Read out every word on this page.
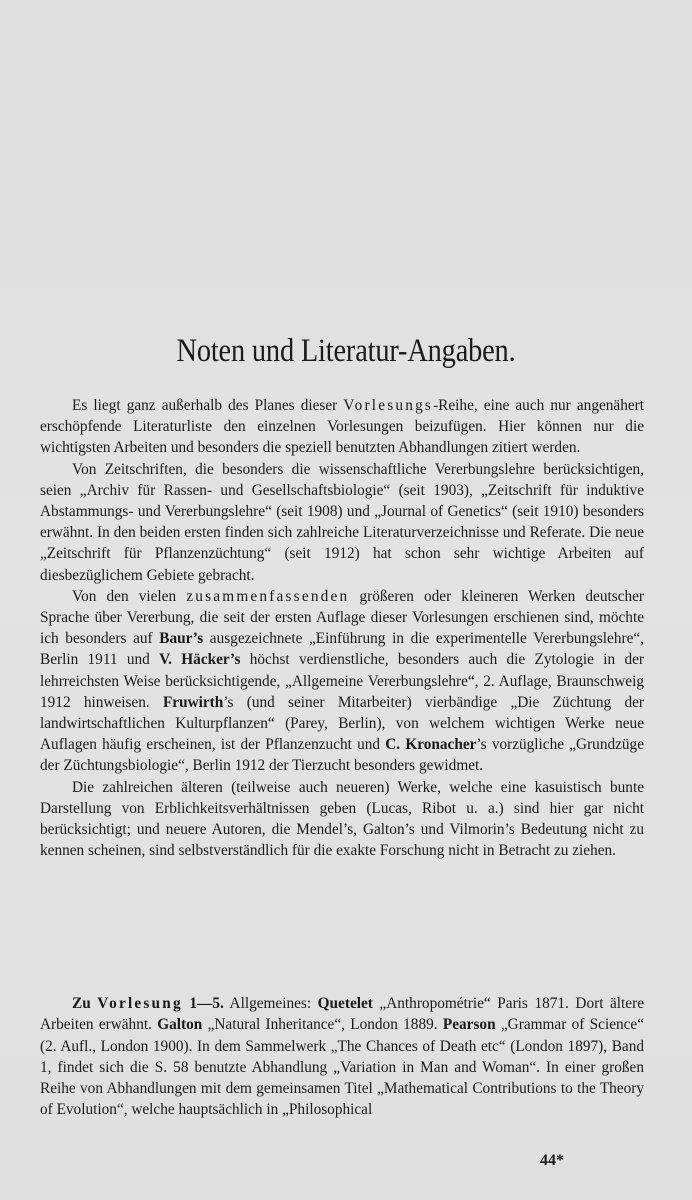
Noten und Literatur-Angaben.

Es liegt ganz außerhalb des Planes dieser Vorlesungs-Reihe, eine auch nur angenähert erschöpfende Literaturliste den einzelnen Vorlesungen beizufügen. Hier können nur die wichtigsten Arbeiten und besonders die speziell benutzten Abhandlungen zitiert werden.

Von Zeitschriften, die besonders die wissenschaftliche Vererbungslehre berücksichtigen, seien „Archiv für Rassen- und Gesellschaftsbiologie“ (seit 1903), „Zeitschrift für induktive Abstammungs- und Vererbungslehre“ (seit 1908) und „Journal of Genetics“ (seit 1910) besonders erwähnt. In den beiden ersten finden sich zahlreiche Literaturverzeichnisse und Referate. Die neue „Zeitschrift für Pflanzenzüchtung“ (seit 1912) hat schon sehr wichtige Arbeiten auf diesbezüglichem Gebiete gebracht.

Von den vielen zusammenfassenden größeren oder kleineren Werken deutscher Sprache über Vererbung, die seit der ersten Auflage dieser Vorlesungen erschienen sind, möchte ich besonders auf Baur’s ausgezeichnete „Einführung in die experimentelle Vererbungslehre“, Berlin 1911 und V. Häcker’s höchst verdienstliche, besonders auch die Zytologie in der lehrreichsten Weise berücksichtigende, „Allgemeine Vererbungslehre“, 2. Auflage, Braunschweig 1912 hinweisen. Fruwirth’s (und seiner Mitarbeiter) vierbändige „Die Züchtung der landwirtschaftlichen Kulturpflanzen“ (Parey, Berlin), von welchem wichtigen Werke neue Auflagen häufig erscheinen, ist der Pflanzenzucht und C. Kronacher’s vorzügliche „Grundzüge der Züchtungsbiologie“, Berlin 1912 der Tierzucht besonders gewidmet.

Die zahlreichen älteren (teilweise auch neueren) Werke, welche eine kasuistisch bunte Darstellung von Erblichkeitsverhältnissen geben (Lucas, Ribot u. a.) sind hier gar nicht berücksichtigt; und neuere Autoren, die Mendel’s, Galton’s und Vilmorin’s Bedeutung nicht zu kennen scheinen, sind selbstverständlich für die exakte Forschung nicht in Betracht zu ziehen.

Zu Vorlesung 1—5. Allgemeines: Quetelet „Anthropométrie“ Paris 1871. Dort ältere Arbeiten erwähnt. Galton „Natural Inheritance“, London 1889. Pearson „Grammar of Science“ (2. Aufl., London 1900). In dem Sammelwerk „The Chances of Death etc“ (London 1897), Band 1, findet sich die S. 58 benutzte Abhandlung „Variation in Man and Woman“. In einer großen Reihe von Abhandlungen mit dem gemeinsamen Titel „Mathematical Contributions to the Theory of Evolution“, welche hauptsächlich in „Philosophical

44*
